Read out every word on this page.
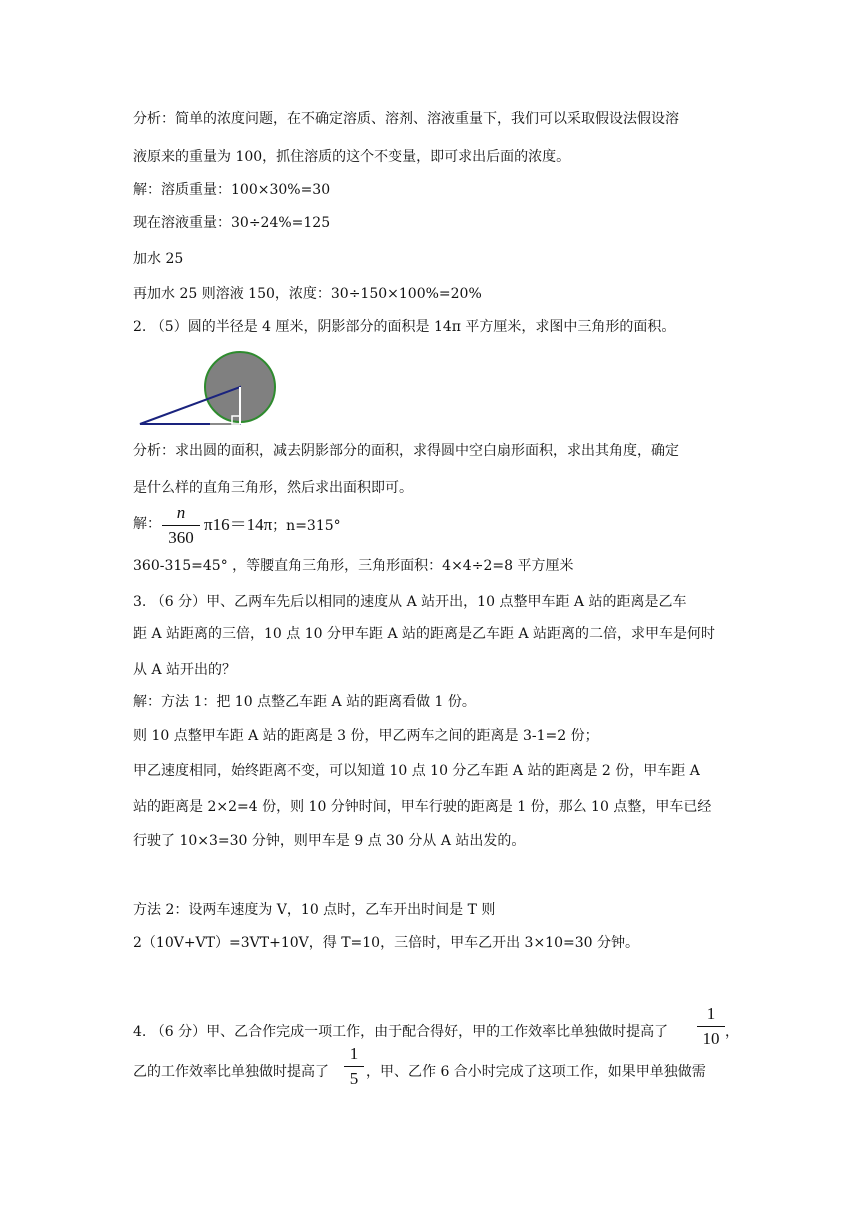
分析：简单的浓度问题，在不确定溶质、溶剂、溶液重量下，我们可以采取假设法假设溶
液原来的重量为 100，抓住溶质的这个不变量，即可求出后面的浓度。
解：溶质重量：100×30%=30
现在溶液重量：30÷24%=125
加水 25
再加水 25 则溶液 150，浓度：30÷150×100%=20%
2. （5）圆的半径是 4 厘米，阴影部分的面积是 14π 平方厘米，求图中三角形的面积。
分析：求出圆的面积，减去阴影部分的面积，求得圆中空白扇形面积，求出其角度，确定
是什么样的直角三角形，然后求出面积即可。
解：
n
360
π16＝14π；n=315°
360-315=45° ，等腰直角三角形，三角形面积：4×4÷2=8 平方厘米
3. （6 分）甲、乙两车先后以相同的速度从 A 站开出，10 点整甲车距 A 站的距离是乙车
距 A 站距离的三倍，10 点 10 分甲车距 A 站的距离是乙车距 A 站距离的二倍，求甲车是何时
从 A 站开出的？
解：方法 1：把 10 点整乙车距 A 站的距离看做 1 份。
则 10 点整甲车距 A 站的距离是 3 份，甲乙两车之间的距离是 3-1=2 份；
甲乙速度相同，始终距离不变，可以知道 10 点 10 分乙车距 A 站的距离是 2 份，甲车距 A
站的距离是 2×2=4 份，则 10 分钟时间，甲车行驶的距离是 1 份，那么 10 点整，甲车已经
行驶了 10×3=30 分钟，则甲车是 9 点 30 分从 A 站出发的。
方法 2：设两车速度为 V，10 点时，乙车开出时间是 T 则
2（10V+VT）=3VT+10V，得 T=10，三倍时，甲车乙开出 3×10=30 分钟。
4. （6 分）甲、乙合作完成一项工作，由于配合得好，甲的工作效率比单独做时提高了
1
10 ，
乙的工作效率比单独做时提高了
1
5 ，甲、乙作 6 合小时完成了这项工作，如果甲单独做需
